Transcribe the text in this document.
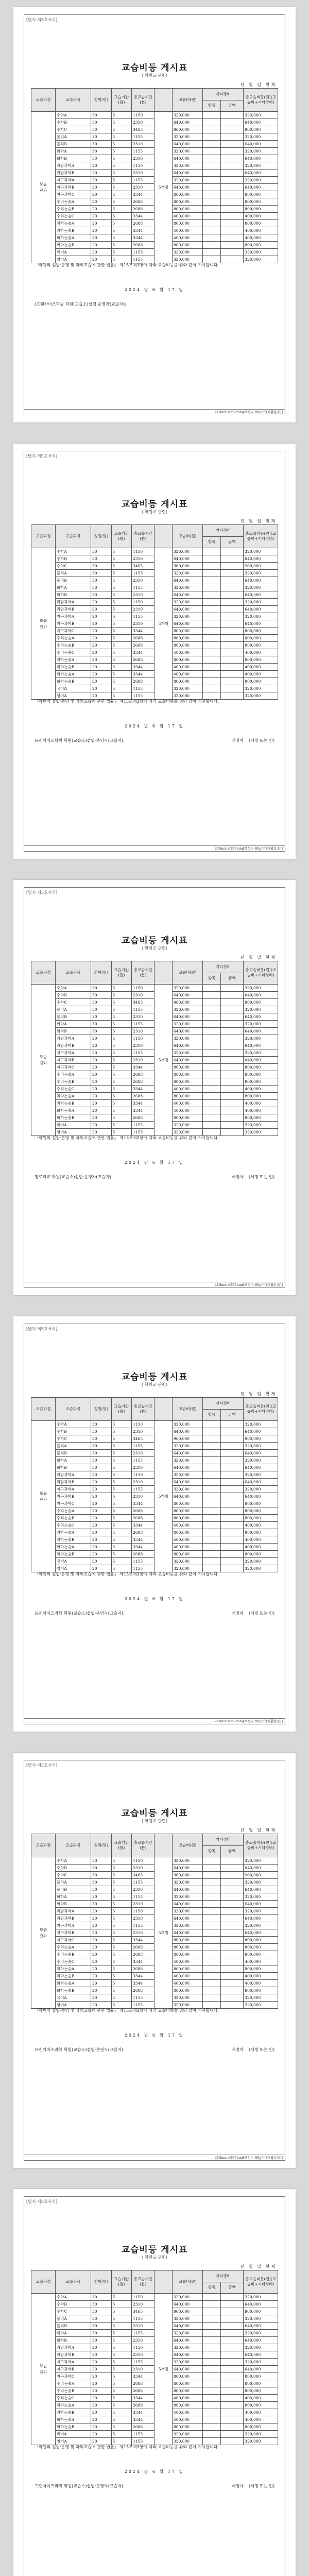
[별지 제5호서식]
교습비등 게시표
( 학원교 관련)
년 월 일 현재
교습과정	교습과목	정원(명)	교습기간(월)	총교습시간(분)		교습비(원)	기타경비		총교습비등(원)(교습비+기타경비)
							항목	금액	
보습
단과	수학A	30	5	1150	5개월	320,000			320,000
	수학B	30	5	2310		640,000			640,000
	수학C	30	5	3465		960,000			960,000
	물리A	30	5	1155		320,000			320,000
	물리B	30	5	2310		640,000			640,000
	화학A	30	5	1155		320,000			320,000
	화학B	30	5	2310		640,000			640,000
	과탐과학A	20	5	1150		320,000			320,000
	과탐과학B	20	5	2310		640,000			640,000
	지구과학A	20	5	1155		320,000			320,000
	지구과학B	20	5	2310		640,000			640,000
	지구과학C	20	5	3344		800,000			800,000
	수리논술A	20	5	2688		800,000			800,000
	수리논술B	20	5	2688		800,000			800,000
	수리논술C	20	5	3344		400,000			400,000
	과학논술A	20	5	2688		800,000			800,000
	과학논술B	20	5	3344		400,000			400,000
	화학논술A	20	5	3344		400,000			400,000
	화학논술B	20	5	2688		800,000			800,000
	국어A	20	5	1155		320,000			320,000
	영어A	20	5	1155		320,000			320,000
「학원의 설립·운영 및 과외교습에 관한 법률」 제15조제3항에 따라 교습비등을 위와 같이 게시합니다.
2024 년 6 월 17 일
(프랜차이즈학원 학원(교습소)설립·운영자(교습자):

210mm×297mm[백상지 80g/㎡(재활용품)]
[별지 제5호서식]
교습비등 게시표
( 학원교 관련)
년 월 일 현재
교습과정	교습과목	정원(명)	교습기간(월)	총교습시간(분)		교습비(원)	기타경비		총교습비등(원)(교습비+기타경비)
							항목	금액	
보습
단과	수학A	30	5	1150	5개월	320,000			320,000
	수학B	30	5	2310		640,000			640,000
	수학C	30	5	3465		960,000			960,000
	물리A	30	5	1155		320,000			320,000
	물리B	30	5	2310		640,000			640,000
	화학A	30	5	1155		320,000			320,000
	화학B	30	5	2310		640,000			640,000
	과탐과학A	20	5	1150		320,000			320,000
	과탐과학B	20	5	2310		640,000			640,000
	지구과학A	20	5	1155		320,000			320,000
	지구과학B	20	5	2310		640,000			640,000
	지구과학C	20	5	3344		800,000			800,000
	수리논술A	20	5	2688		800,000			800,000
	수리논술B	20	5	2688		800,000			800,000
	수리논술C	20	5	3344		400,000			400,000
	과학논술A	20	5	2688		800,000			800,000
	과학논술B	20	5	3344		400,000			400,000
	화학논술A	20	5	3344		400,000			400,000
	화학논술B	20	5	2688		800,000			800,000
	국어A	20	5	1155		320,000			320,000
	영어A	20	5	1155		320,000			320,000
「학원의 설립·운영 및 과외교습에 관한 법률」 제15조제3항에 따라 교습비등을 위와 같이 게시합니다.
2024 년 6 월 17 일
프랜차이즈학원 학원(교습소)설립·운영자(교습자):	배정아 (서명 또는 인)
210mm×297mm[백상지 80g/㎡(재활용품)]
[별지 제5호서식]
교습비등 게시표
( 학원교 관련)
년 월 일 현재
교습과정	교습과목	정원(명)	교습기간(월)	총교습시간(분)		교습비(원)	기타경비		총교습비등(원)(교습비+기타경비)
							항목	금액	
보습
단과	수학A	30	5	1150	5개월	320,000			320,000
	수학B	30	5	2310		640,000			640,000
	수학C	30	5	3465		960,000			960,000
	물리A	30	5	1155		320,000			320,000
	물리B	30	5	2310		640,000			640,000
	화학A	30	5	1155		320,000			320,000
	화학B	30	5	2310		640,000			640,000
	과탐과학A	20	5	1150		320,000			320,000
	과탐과학B	20	5	2310		640,000			640,000
	지구과학A	20	5	1155		320,000			320,000
	지구과학B	20	5	2310		640,000			640,000
	지구과학C	20	5	3344		800,000			800,000
	수리논술A	20	5	2688		800,000			800,000
	수리논술B	20	5	2688		800,000			800,000
	수리논술C	20	5	3344		400,000			400,000
	과학논술A	20	5	2688		800,000			800,000
	과학논술B	20	5	3344		400,000			400,000
	화학논술A	20	5	3344		400,000			400,000
	화학논술B	20	5	2688		800,000			800,000
	국어A	20	5	1155		320,000			320,000
	영어A	20	5	1155		320,000			320,000
「학원의 설립·운영 및 과외교습에 관한 법률」 제15조제3항에 따라 교습비등을 위와 같이 게시합니다.
2024 년 6 월 17 일
행로키교 학원(교습소)설립·운영자(교습자):	배정아 (서명 또는 인)
210mm×297mm[백상지 80g/㎡(재활용품)]
[별지 제5호서식]
교습비등 게시표
( 학원교 관련)
년 월 일 현재
교습과정	교습과목	정원(명)	교습기간(월)	총교습시간(분)		교습비(원)	기타경비		총교습비등(원)(교습비+기타경비)
							항목	금액	
보습
단과	수학A	30	5	1150	5개월	320,000			320,000
	수학B	30	5	2310		640,000			640,000
	수학C	30	5	3465		960,000			960,000
	물리A	30	5	1155		320,000			320,000
	물리B	30	5	2310		640,000			640,000
	화학A	30	5	1155		320,000			320,000
	화학B	30	5	2310		640,000			640,000
	과탐과학A	20	5	1150		320,000			320,000
	과탐과학B	20	5	2310		640,000			640,000
	지구과학A	20	5	1155		320,000			320,000
	지구과학B	20	5	2310		640,000			640,000
	지구과학C	20	5	3344		800,000			800,000
	수리논술A	20	5	2688		800,000			800,000
	수리논술B	20	5	2688		800,000			800,000
	수리논술C	20	5	3344		400,000			400,000
	과학논술A	20	5	2688		800,000			800,000
	과학논술B	20	5	3344		400,000			400,000
	화학논술A	20	5	3344		400,000			400,000
	화학논술B	20	5	2688		800,000			800,000
	국어A	20	5	1155		320,000			320,000
	영어A	20	5	1155		320,000			320,000
「학원의 설립·운영 및 과외교습에 관한 법률」 제15조제3항에 따라 교습비등을 위와 같이 게시합니다.
2024 년 6 월 17 일
프랜차이즈과학 학원(교습소)설립·운영자(교습자):	배정아 (서명 또는 인)
210mm×297mm[백상지 80g/㎡(재활용품)]
[별지 제5호서식]
교습비등 게시표
( 학원교 관련)
년 월 일 현재
교습과정	교습과목	정원(명)	교습기간(월)	총교습시간(분)		교습비(원)	기타경비		총교습비등(원)(교습비+기타경비)
							항목	금액	
보습
단과	수학A	30	5	1150	5개월	320,000			320,000
	수학B	30	5	2310		640,000			640,000
	수학C	30	5	3465		960,000			960,000
	물리A	30	5	1155		320,000			320,000
	물리B	30	5	2310		640,000			640,000
	화학A	30	5	1155		320,000			320,000
	화학B	30	5	2310		640,000			640,000
	과탐과학A	20	5	1150		320,000			320,000
	과탐과학B	20	5	2310		640,000			640,000
	지구과학A	20	5	1155		320,000			320,000
	지구과학B	20	5	2310		640,000			640,000
	지구과학C	20	5	3344		800,000			800,000
	수리논술A	20	5	2688		800,000			800,000
	수리논술B	20	5	2688		800,000			800,000
	수리논술C	20	5	3344		400,000			400,000
	과학논술A	20	5	2688		800,000			800,000
	과학논술B	20	5	3344		400,000			400,000
	화학논술A	20	5	3344		400,000			400,000
	화학논술B	20	5	2688		800,000			800,000
	국어A	20	5	1155		320,000			320,000
	영어A	20	5	1155		320,000			320,000
「학원의 설립·운영 및 과외교습에 관한 법률」 제15조제3항에 따라 교습비등을 위와 같이 게시합니다.
2024 년 6 월 17 일
프랜차이즈과학 학원(교습소)설립·운영자(교습자):	배정아 (서명 또는 인)
210mm×297mm[백상지 80g/㎡(재활용품)]
[별지 제5호서식]
교습비등 게시표
( 학원교 관련)
년 월 일 현재
교습과정	교습과목	정원(명)	교습기간(월)	총교습시간(분)		교습비(원)	기타경비		총교습비등(원)(교습비+기타경비)
							항목	금액	
보습
단과	수학A	30	5	1150	5개월	320,000			320,000
	수학B	30	5	2310		640,000			640,000
	수학C	30	5	3465		960,000			960,000
	물리A	30	5	1155		320,000			320,000
	물리B	30	5	2310		640,000			640,000
	화학A	30	5	1155		320,000			320,000
	화학B	30	5	2310		640,000			640,000
	과탐과학A	20	5	1150		320,000			320,000
	과탐과학B	20	5	2310		640,000			640,000
	지구과학A	20	5	1155		320,000			320,000
	지구과학B	20	5	2310		640,000			640,000
	지구과학C	20	5	3344		800,000			800,000
	수리논술A	20	5	2688		800,000			800,000
	수리논술B	20	5	2688		800,000			800,000
	수리논술C	20	5	3344		400,000			400,000
	과학논술A	20	5	2688		800,000			800,000
	과학논술B	20	5	3344		400,000			400,000
	화학논술A	20	5	3344		400,000			400,000
	화학논술B	20	5	2688		800,000			800,000
	국어A	20	5	1155		320,000			320,000
	영어A	20	5	1155		320,000			320,000
「학원의 설립·운영 및 과외교습에 관한 법률」 제15조제3항에 따라 교습비등을 위와 같이 게시합니다.
2024 년 6 월 17 일
프랜차이즈과학 학원(교습소)설립·운영자(교습자):	배정아 (서명 또는 인)
